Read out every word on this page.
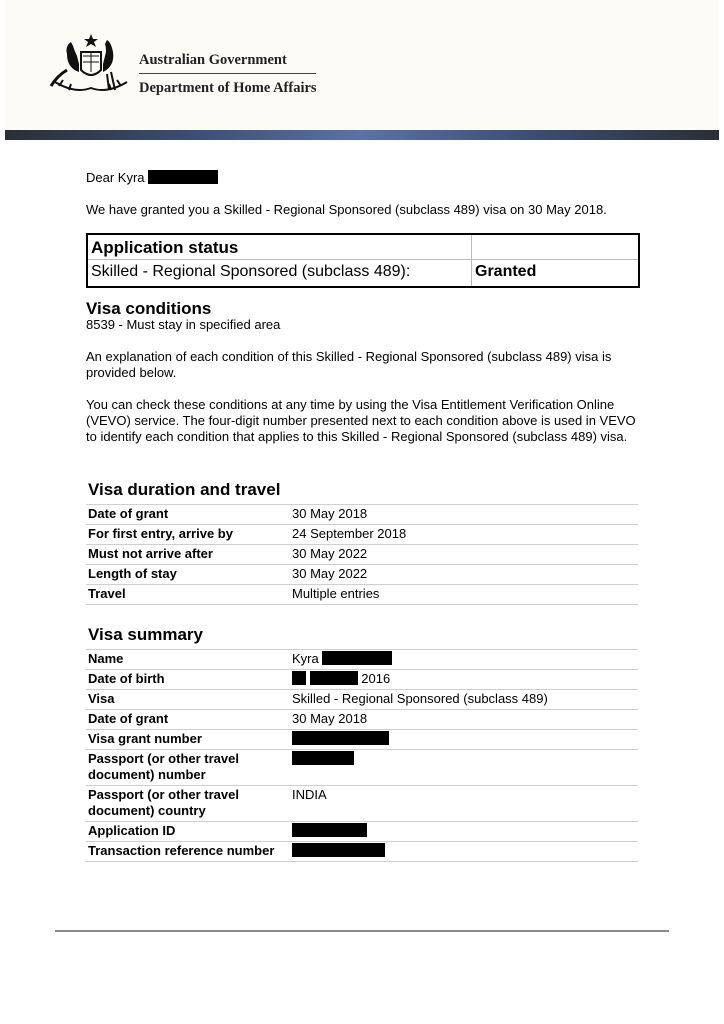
Australian Government
Department of Home Affairs

Dear Kyra

We have granted you a Skilled - Regional Sponsored (subclass 489) visa on 30 May 2018.

Application status
Skilled - Regional Sponsored (subclass 489):	Granted

Visa conditions

8539 - Must stay in specified area

An explanation of each condition of this Skilled - Regional Sponsored (subclass 489) visa is provided below.

You can check these conditions at any time by using the Visa Entitlement Verification Online (VEVO) service. The four-digit number presented next to each condition above is used in VEVO to identify each condition that applies to this Skilled - Regional Sponsored (subclass 489) visa.

Visa duration and travel
Date of grant	30 May 2018
For first entry, arrive by	24 September 2018
Must not arrive after	30 May 2022
Length of stay	30 May 2022
Travel	Multiple entries
Visa summary
Name	Kyra
Date of birth	2016
Visa	Skilled - Regional Sponsored (subclass 489)
Date of grant	30 May 2018
Visa grant number	
Passport (or other travel document) number	
Passport (or other travel document) country	INDIA
Application ID	
Transaction reference number	
